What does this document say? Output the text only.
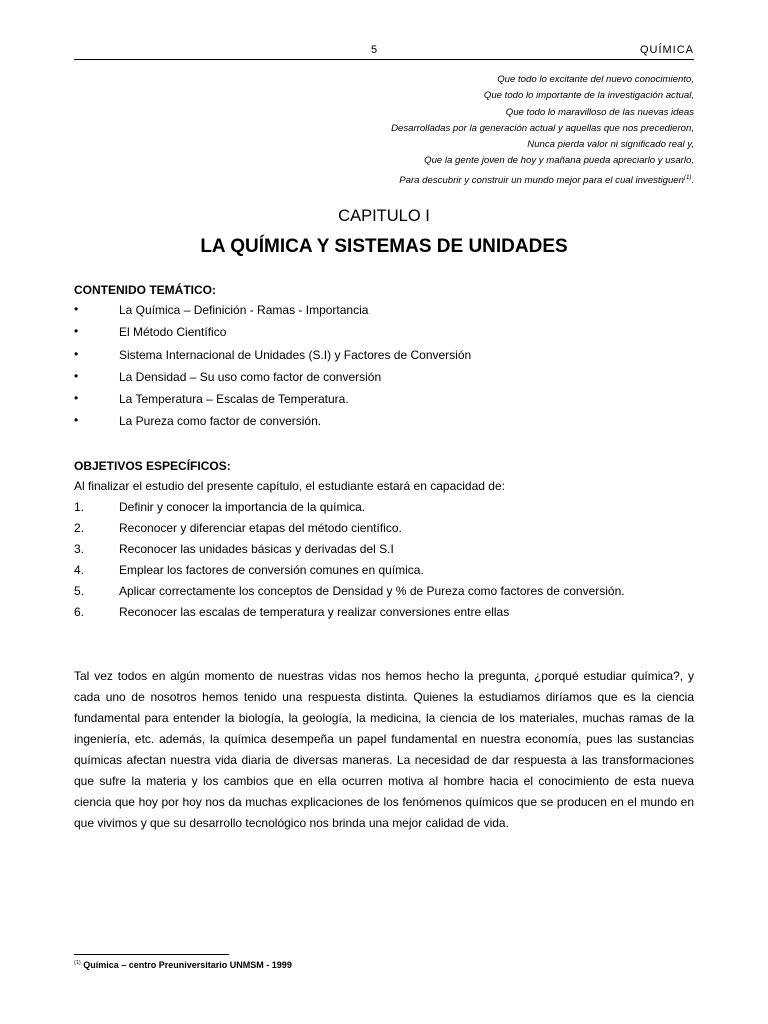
5	QUÍMICA
Que todo lo excitante del nuevo conocimiento,
Que todo lo importante de la investigación actual,
Que todo lo maravilloso de las nuevas ideas
Desarrolladas por la generación actual y aquellas que nos precedieron,
Nunca pierda valor ni significado real y,
Que la gente joven de hoy y mañana pueda apreciarlo y usarlo,
Para descubrir y construir un mundo mejor para el cual investiguen$^{(1)}$.
CAPITULO I
LA QUÍMICA Y SISTEMAS DE UNIDADES
CONTENIDO TEMÁTICO:
•	La Química – Definición - Ramas - Importancia
•	El Método Científico
•	Sistema Internacional de Unidades (S.I) y Factores de Conversión
•	La Densidad – Su uso como factor de conversión
•	La Temperatura – Escalas de Temperatura.
•	La Pureza como factor de conversión.
OBJETIVOS ESPECÍFICOS:
Al finalizar el estudio del presente capítulo, el estudiante estará en capacidad de:
1.	Definir y conocer la importancia de la química.
2.	Reconocer y diferenciar etapas del método científico.
3.	Reconocer las unidades básicas y derivadas del S.I
4.	Emplear los factores de conversión comunes en química.
5.	Aplicar correctamente los conceptos de Densidad y % de Pureza como factores de conversión.
6.	Reconocer las escalas de temperatura y realizar conversiones entre ellas

Tal vez todos en algún momento de nuestras vidas nos hemos hecho la pregunta, ¿porqué estudiar química?, y cada uno de nosotros hemos tenido una respuesta distinta. Quienes la estudiamos diríamos que es la ciencia fundamental para entender la biología, la geología, la medicina, la ciencia de los materiales, muchas ramas de la ingeniería, etc. además, la química desempeña un papel fundamental en nuestra economía, pues las sustancias químicas afectan nuestra vida diaria de diversas maneras. La necesidad de dar respuesta a las transformaciones que sufre la materia y los cambios que en ella ocurren motiva al hombre hacia el conocimiento de esta nueva ciencia que hoy por hoy nos da muchas explicaciones de los fenómenos químicos que se producen en el mundo en que vivimos y que su desarrollo tecnológico nos brinda una mejor calidad de vida.

$^{(1)}$ Química – centro Preuniversitario UNMSM - 1999
